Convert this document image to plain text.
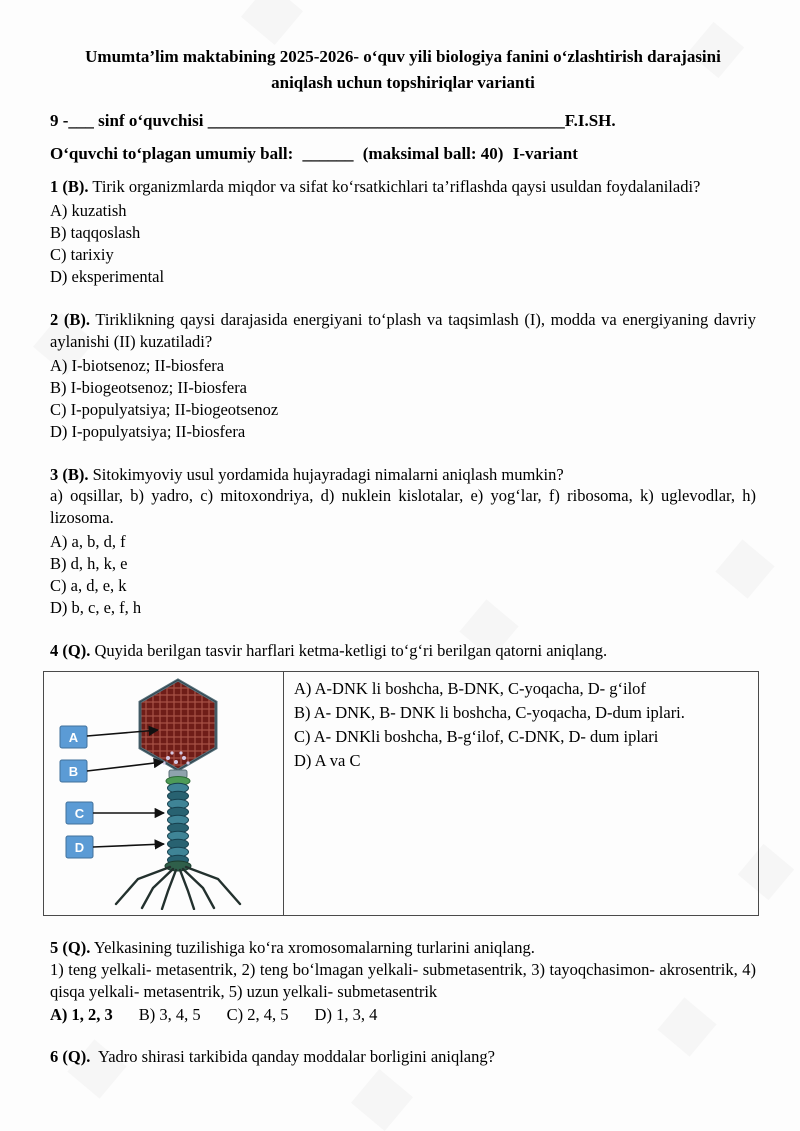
Umumta’lim maktabining 2025-2026- o‘quv yili biologiya fanini o‘zlashtirish darajasini aniqlash uchun topshiriqlar varianti
9 -___ sinf o‘quvchisi __________________________________________F.I.SH.
O‘quvchi to‘plagan umumiy ball: ______ (maksimal ball: 40) I-variant

1 (B). Tirik organizmlarda miqdor va sifat ko‘rsatkichlari ta’riflashda qaysi usuldan foydalaniladi?

A) kuzatish
B) taqqoslash
C) tarixiy
D) eksperimental

2 (B). Tiriklikning qaysi darajasida energiyani to‘plash va taqsimlash (I), modda va energiyaning davriy aylanishi (II) kuzatiladi?

A) I-biotsenoz; II-biosfera
B) I-biogeotsenoz; II-biosfera
C) I-populyatsiya; II-biogeotsenoz
D) I-populyatsiya; II-biosfera

3 (B). Sitokimyoviy usul yordamida hujayradagi nimalarni aniqlash mumkin?

a) oqsillar, b) yadro, c) mitoxondriya, d) nuklein kislotalar, e) yog‘lar, f) ribosoma, k) uglevodlar, h) lizosoma.

A) a, b, d, f
B) d, h, k, e
C) a, d, e, k
D) b, c, e, f, h

4 (Q). Quyida berilgan tasvir harflari ketma-ketligi to‘g‘ri berilgan qatorni aniqlang.

A
B
C
D

A) A-DNK li boshcha, B-DNK, C-yoqacha, D- g‘ilof
B) A- DNK, B- DNK li boshcha, C-yoqacha, D-dum iplari.
C) A- DNKli boshcha, B-g‘ilof, C-DNK, D- dum iplari
D) A va C

5 (Q). Yelkasining tuzilishiga ko‘ra xromosomalarning turlarini aniqlang.

1) teng yelkali- metasentrik, 2) teng bo‘lmagan yelkali- submetasentrik, 3) tayoqchasimon- akrosentrik, 4) qisqa yelkali- metasentrik, 5) uzun yelkali- submetasentrik

A) 1, 2, 3 B) 3, 4, 5 C) 2, 4, 5 D) 1, 3, 4

6 (Q). Yadro shirasi tarkibida qanday moddalar borligini aniqlang?
